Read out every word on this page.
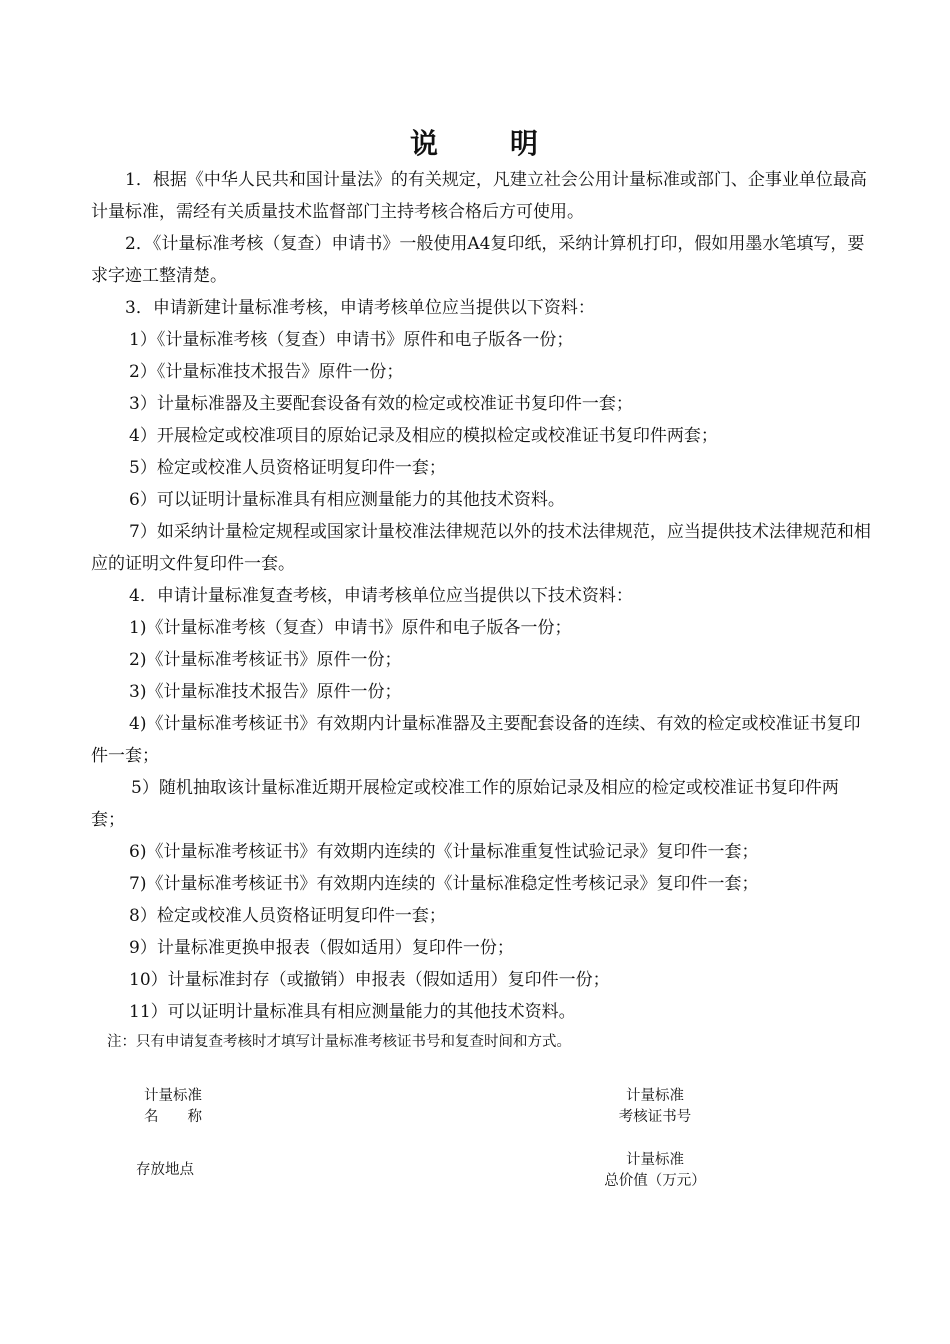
说	明
1．根据《中华人民共和国计量法》的有关规定，凡建立社会公用计量标准或部门、企事业单位最高计量标准，需经有关质量技术监督部门主持考核合格后方可使用。
2．《计量标准考核（复查）申请书》一般使用A4复印纸，采纳计算机打印，假如用墨水笔填写，要求字迹工整清楚。
3．申请新建计量标准考核，申请考核单位应当提供以下资料：
1）《计量标准考核（复查）申请书》原件和电子版各一份；
2）《计量标准技术报告》原件一份；
3）计量标准器及主要配套设备有效的检定或校准证书复印件一套；
4）开展检定或校准项目的原始记录及相应的模拟检定或校准证书复印件两套；
5）检定或校准人员资格证明复印件一套；
6）可以证明计量标准具有相应测量能力的其他技术资料。
7）如采纳计量检定规程或国家计量校准法律规范以外的技术法律规范，应当提供技术法律规范和相应的证明文件复印件一套。
4．申请计量标准复查考核，申请考核单位应当提供以下技术资料：
1)《计量标准考核（复查）申请书》原件和电子版各一份；
2)《计量标准考核证书》原件一份；
3)《计量标准技术报告》原件一份；
4)《计量标准考核证书》有效期内计量标准器及主要配套设备的连续、有效的检定或校准证书复印件一套；
5）随机抽取该计量标准近期开展检定或校准工作的原始记录及相应的检定或校准证书复印件两套；
6)《计量标准考核证书》有效期内连续的《计量标准重复性试验记录》复印件一套；
7)《计量标准考核证书》有效期内连续的《计量标准稳定性考核记录》复印件一套；
8）检定或校准人员资格证明复印件一套；
9）计量标准更换申报表（假如适用）复印件一份；
10）计量标准封存（或撤销）申报表（假如适用）复印件一份；
11）可以证明计量标准具有相应测量能力的其他技术资料。
注：只有申请复查考核时才填写计量标准考核证书号和复查时间和方式。
计量标准
名　　称
计量标准
考核证书号
存放地点
计量标准
总价值（万元）
